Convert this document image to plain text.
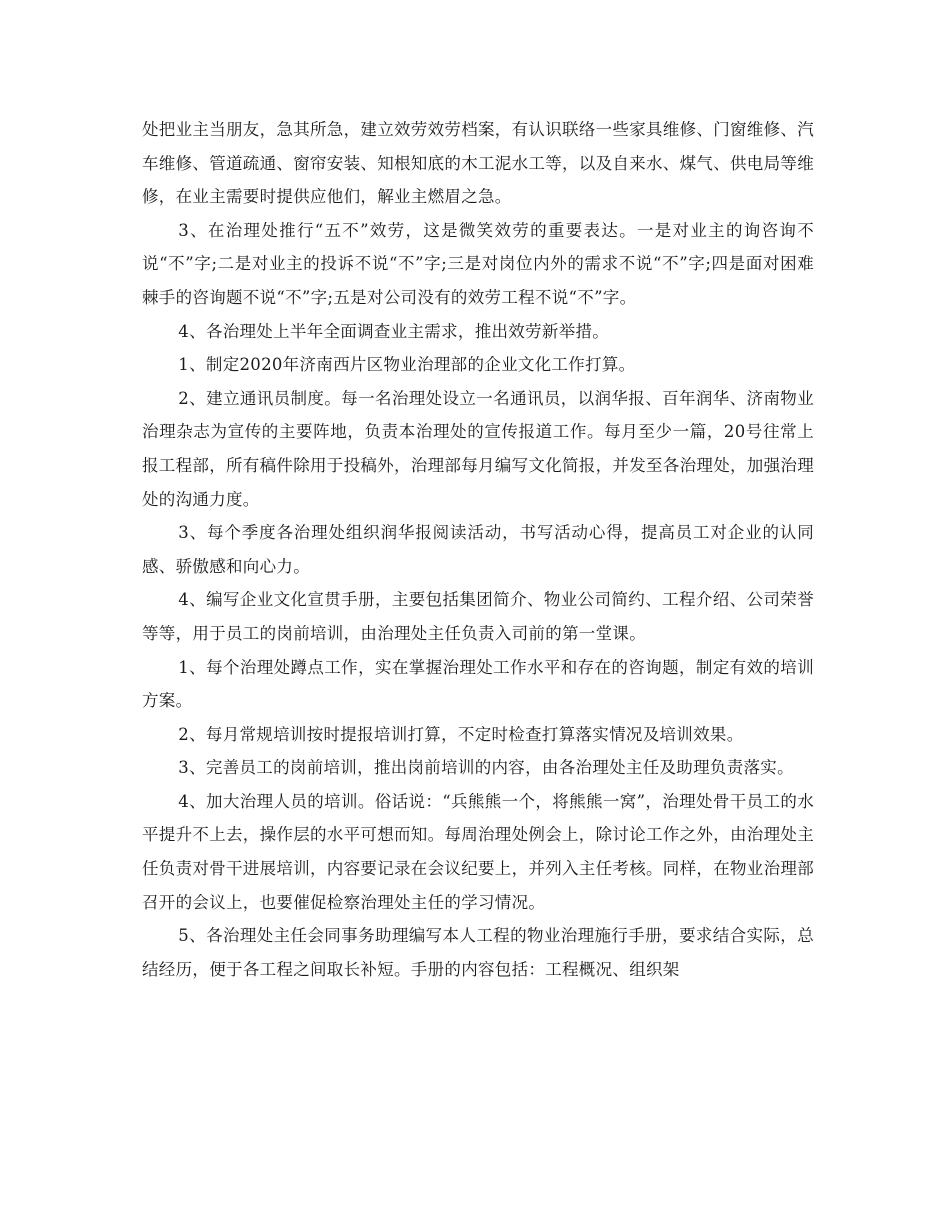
处把业主当朋友，急其所急，建立效劳效劳档案，有认识联络一些家具维修、门窗维修、汽车维修、管道疏通、窗帘安装、知根知底的木工泥水工等，以及自来水、煤气、供电局等维修，在业主需要时提供应他们，解业主燃眉之急。

3、在治理处推行“五不”效劳，这是微笑效劳的重要表达。一是对业主的询咨询不说“不”字;二是对业主的投诉不说“不”字;三是对岗位内外的需求不说“不”字;四是面对困难棘手的咨询题不说“不”字;五是对公司没有的效劳工程不说“不”字。

4、各治理处上半年全面调查业主需求，推出效劳新举措。

1、制定2020年济南西片区物业治理部的企业文化工作打算。

2、建立通讯员制度。每一名治理处设立一名通讯员，以润华报、百年润华、济南物业治理杂志为宣传的主要阵地，负责本治理处的宣传报道工作。每月至少一篇，20号往常上报工程部，所有稿件除用于投稿外，治理部每月编写文化简报，并发至各治理处，加强治理处的沟通力度。

3、每个季度各治理处组织润华报阅读活动，书写活动心得，提高员工对企业的认同感、骄傲感和向心力。

4、编写企业文化宣贯手册，主要包括集团简介、物业公司简约、工程介绍、公司荣誉等等，用于员工的岗前培训，由治理处主任负责入司前的第一堂课。

1、每个治理处蹲点工作，实在掌握治理处工作水平和存在的咨询题，制定有效的培训方案。

2、每月常规培训按时提报培训打算，不定时检查打算落实情况及培训效果。

3、完善员工的岗前培训，推出岗前培训的内容，由各治理处主任及助理负责落实。

4、加大治理人员的培训。俗话说：“兵熊熊一个，将熊熊一窝”，治理处骨干员工的水平提升不上去，操作层的水平可想而知。每周治理处例会上，除讨论工作之外，由治理处主任负责对骨干进展培训，内容要记录在会议纪要上，并列入主任考核。同样，在物业治理部召开的会议上，也要催促检察治理处主任的学习情况。

5、各治理处主任会同事务助理编写本人工程的物业治理施行手册，要求结合实际，总结经历，便于各工程之间取长补短。手册的内容包括：工程概况、组织架
